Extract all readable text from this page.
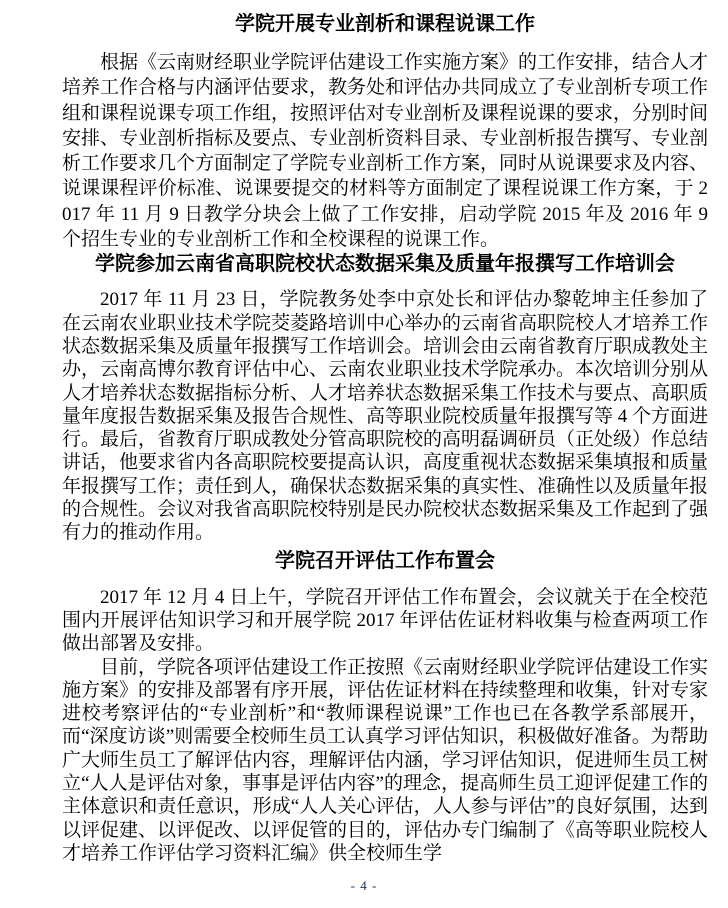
学院开展专业剖析和课程说课工作

根据《云南财经职业学院评估建设工作实施方案》的工作安排，结合人才培养工作合格与内涵评估要求，教务处和评估办共同成立了专业剖析专项工作组和课程说课专项工作组，按照评估对专业剖析及课程说课的要求，分别时间安排、专业剖析指标及要点、专业剖析资料目录、专业剖析报告撰写、专业剖析工作要求几个方面制定了学院专业剖析工作方案，同时从说课要求及内容、说课课程评价标准、说课要提交的材料等方面制定了课程说课工作方案，于 2017 年 11 月 9 日教学分块会上做了工作安排，启动学院 2015 年及 2016 年 9 个招生专业的专业剖析工作和全校课程的说课工作。

学院参加云南省高职院校状态数据采集及质量年报撰写工作培训会

2017 年 11 月 23 日，学院教务处李中京处长和评估办黎乾坤主任参加了在云南农业职业技术学院茭菱路培训中心举办的云南省高职院校人才培养工作状态数据采集及质量年报撰写工作培训会。培训会由云南省教育厅职成教处主办，云南高博尔教育评估中心、云南农业职业技术学院承办。本次培训分别从人才培养状态数据指标分析、人才培养状态数据采集工作技术与要点、高职质量年度报告数据采集及报告合规性、高等职业院校质量年报撰写等 4 个方面进行。最后，省教育厅职成教处分管高职院校的高明磊调研员（正处级）作总结讲话，他要求省内各高职院校要提高认识，高度重视状态数据采集填报和质量年报撰写工作；责任到人，确保状态数据采集的真实性、准确性以及质量年报的合规性。会议对我省高职院校特别是民办院校状态数据采集及工作起到了强有力的推动作用。

学院召开评估工作布置会

2017 年 12 月 4 日上午，学院召开评估工作布置会，会议就关于在全校范围内开展评估知识学习和开展学院 2017 年评估佐证材料收集与检查两项工作做出部署及安排。

目前，学院各项评估建设工作正按照《云南财经职业学院评估建设工作实施方案》的安排及部署有序开展，评估佐证材料在持续整理和收集，针对专家进校考察评估的“专业剖析”和“教师课程说课”工作也已在各教学系部展开，而“深度访谈”则需要全校师生员工认真学习评估知识，积极做好准备。为帮助广大师生员工了解评估内容，理解评估内涵，学习评估知识，促进师生员工树立“人人是评估对象，事事是评估内容”的理念，提高师生员工迎评促建工作的主体意识和责任意识，形成“人人关心评估，人人参与评估”的良好氛围，达到以评促建、以评促改、以评促管的目的，评估办专门编制了《高等职业院校人才培养工作评估学习资料汇编》供全校师生学

- 4 -
